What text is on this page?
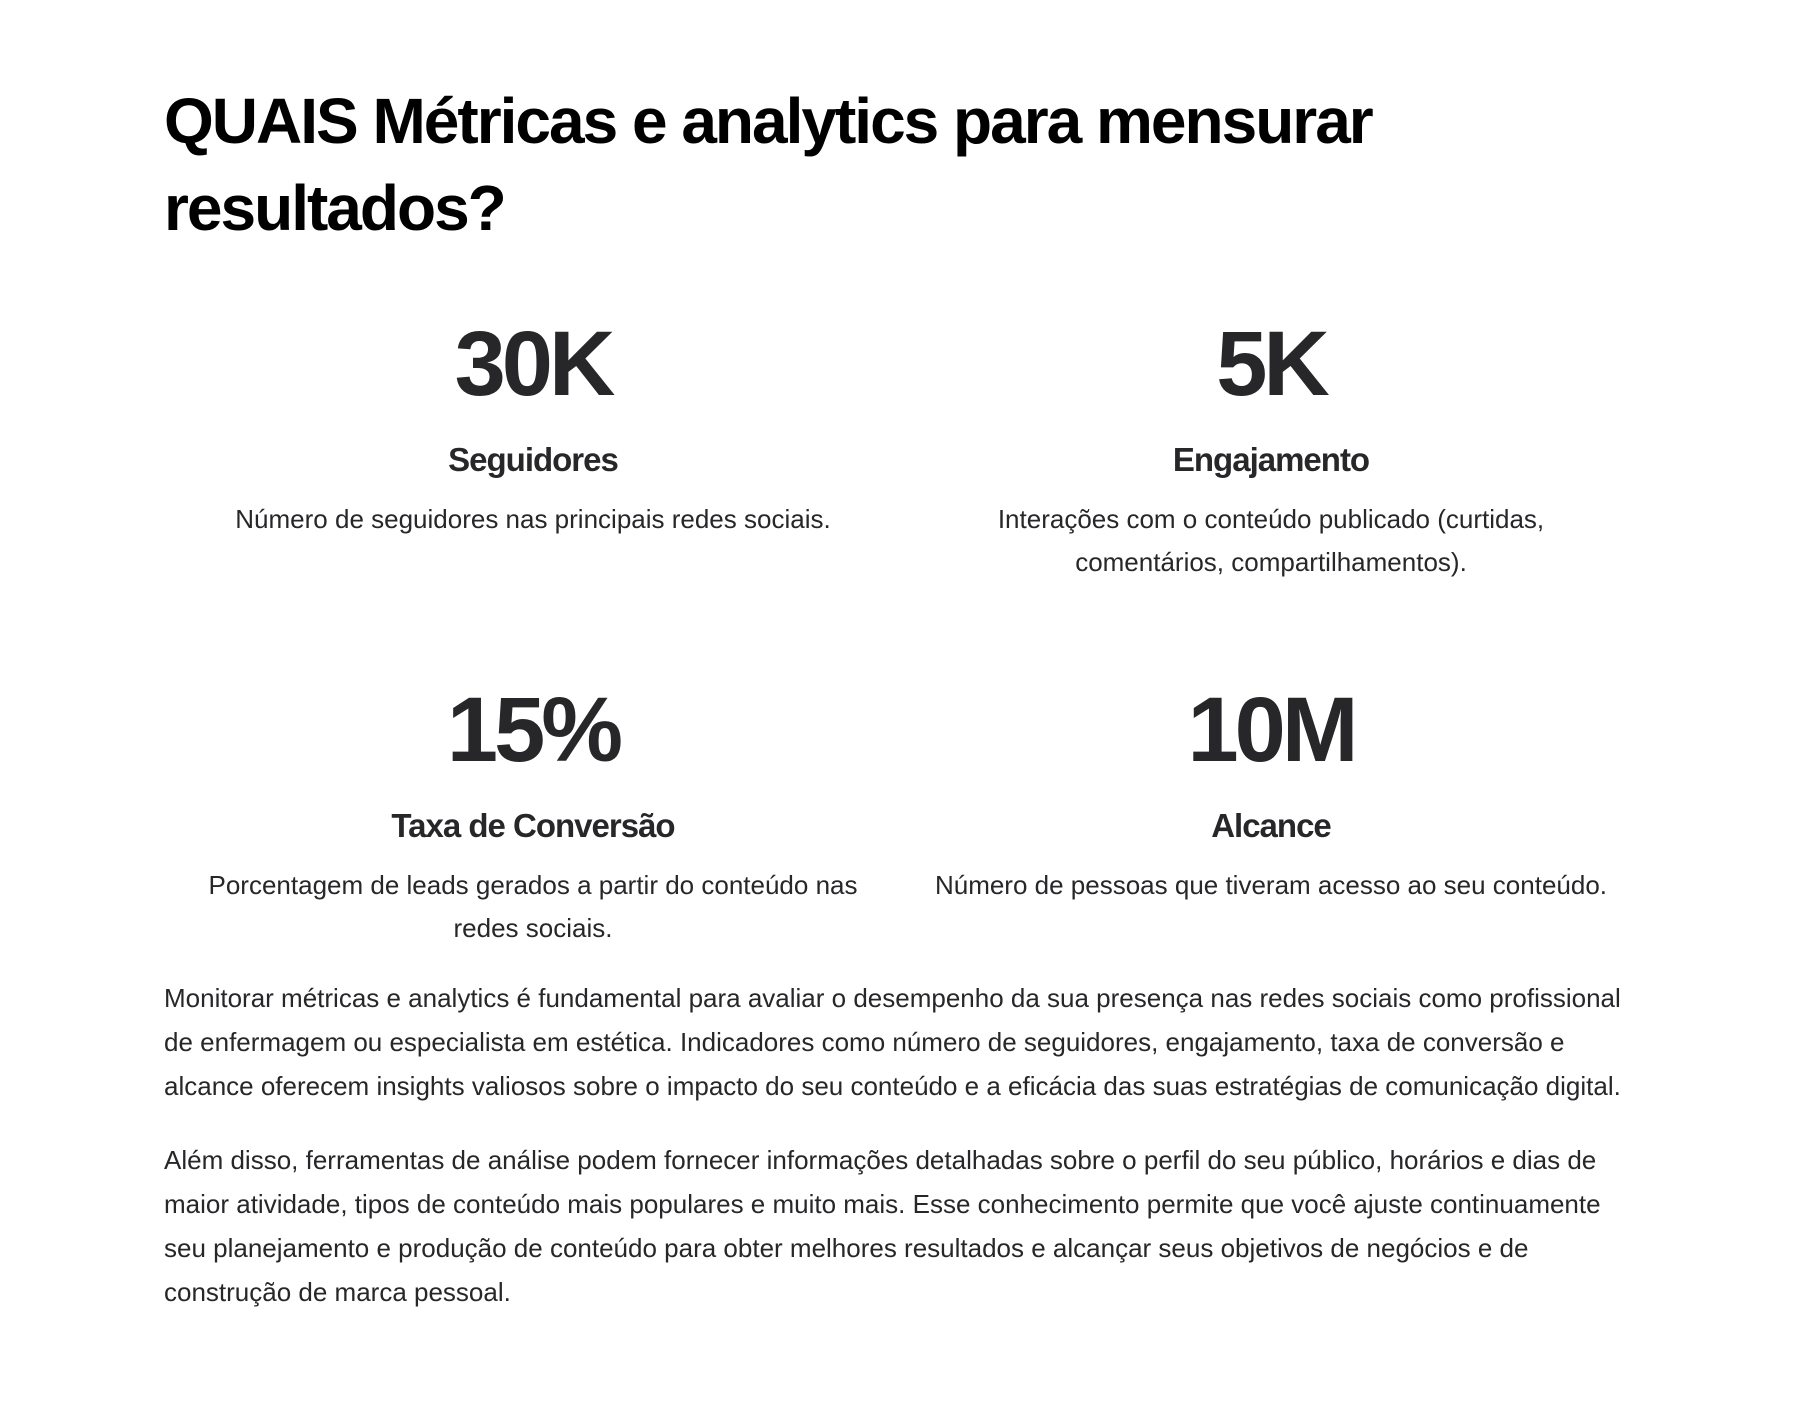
QUAIS Métricas e analytics para mensurar resultados?
30K
Seguidores
Número de seguidores nas principais redes sociais.
5K
Engajamento
Interações com o conteúdo publicado (curtidas, comentários, compartilhamentos).
15%
Taxa de Conversão
Porcentagem de leads gerados a partir do conteúdo nas redes sociais.
10M
Alcance
Número de pessoas que tiveram acesso ao seu conteúdo.

Monitorar métricas e analytics é fundamental para avaliar o desempenho da sua presença nas redes sociais como profissional de enfermagem ou especialista em estética. Indicadores como número de seguidores, engajamento, taxa de conversão e alcance oferecem insights valiosos sobre o impacto do seu conteúdo e a eficácia das suas estratégias de comunicação digital.

Além disso, ferramentas de análise podem fornecer informações detalhadas sobre o perfil do seu público, horários e dias de maior atividade, tipos de conteúdo mais populares e muito mais. Esse conhecimento permite que você ajuste continuamente seu planejamento e produção de conteúdo para obter melhores resultados e alcançar seus objetivos de negócios e de construção de marca pessoal.
